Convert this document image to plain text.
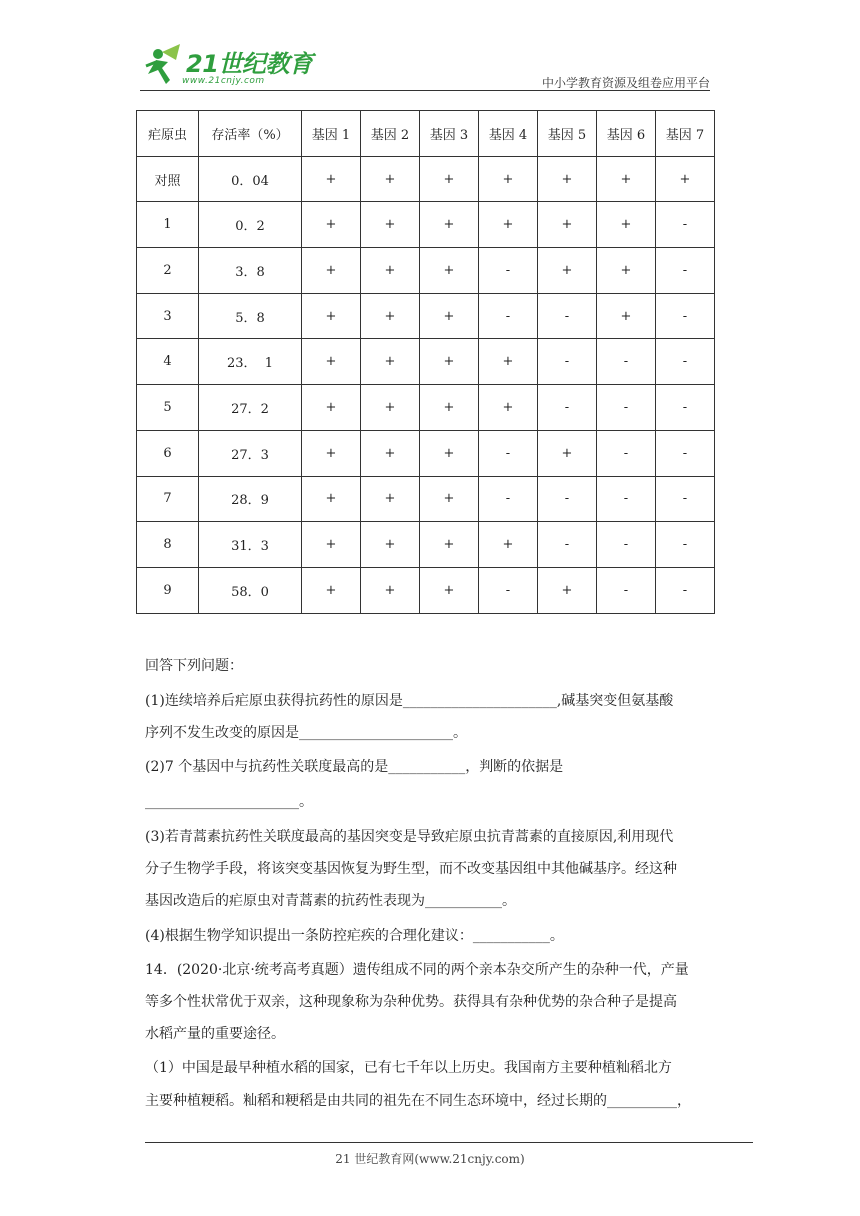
21世纪教育
www.21cnjy.com	中小学教育资源及组卷应用平台
疟原虫	存活率（%）	基因 1	基因 2	基因 3	基因 4	基因 5	基因 6	基因 7
对照	0．04	+	+	+	+	+	+	+
1	0．2	+	+	+	+	+	+	-
2	3．8	+	+	+	-	+	+	-
3	5．8	+	+	+	-	-	+	-
4	23．  1	+	+	+	+	-	-	-
5	27．2	+	+	+	+	-	-	-
6	27．3	+	+	+	-	+	-	-
7	28．9	+	+	+	-	-	-	-
8	31．3	+	+	+	+	-	-	-
9	58．0	+	+	+	-	+	-	-
回答下列问题：
(1)连续培养后疟原虫获得抗药性的原因是______________________,碱基突变但氨基酸
序列不发生改变的原因是______________________。
(2)7 个基因中与抗药性关联度最高的是___________，判断的依据是
______________________。
(3)若青蒿素抗药性关联度最高的基因突变是导致疟原虫抗青蒿素的直接原因,利用现代
分子生物学手段，将该突变基因恢复为野生型，而不改变基因组中其他碱基序。经这种
基因改造后的疟原虫对青蒿素的抗药性表现为___________。
(4)根据生物学知识提出一条防控疟疾的合理化建议：___________。
14．(2020·北京·统考高考真题）遗传组成不同的两个亲本杂交所产生的杂种一代，产量
等多个性状常优于双亲，这种现象称为杂种优势。获得具有杂种优势的杂合种子是提高
水稻产量的重要途径。
（1）中国是最早种植水稻的国家，已有七千年以上历史。我国南方主要种植籼稻北方
主要种植粳稻。籼稻和粳稻是由共同的祖先在不同生态环境中，经过长期的__________，
21 世纪教育网(www.21cnjy.com)
